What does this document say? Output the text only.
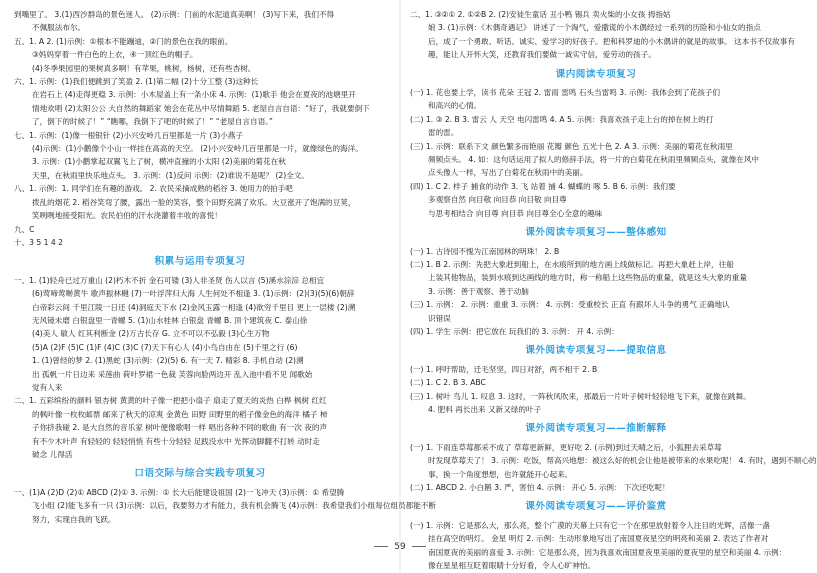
到嘴里了。 3.(1)西沙群岛的景色迷人。 (2)示例：门前的水泥道真美啊！ (3)写下来，我们不得
不佩服法布尔。
五、1. A 2. (1)示例：①根本不能蹦迪，②门的景色在我的眼前。
③妈妈穿着一件白色的上衣，④一顶红色的帽子。
(4)冬季果园里的果树真多啊！有苹果，桃树，杨树，还有些杏树。
六、1. 示例：(1)我们便跳到了笑盈 2. (1)第二幅 (2)十分工整 (3)这种长
在岩石上 (4)走得更稳 3. 示例：小木屋盖上有一条小床 4. 示例：(1)歌手 他会在夏夜的池塘里开
情地欢唱 (2)太阳公公 大自然的舞蹈家 她会在花丛中尽情舞蹈 5. 老屋自言自语：“好了，我就要倒下
了，倒下的时候了！” “瞧哪，我倒下了吧的时候了！” “老屋自言自语。”
七、1. 示例：(1)像一根银针 (2)小兴安岭几百里都是一片 (3)小燕子
(4)示例：(1)小鹳像个小山一样挂在高高的天空。 (2)小兴安岭几百里都是一片，就像绿色的海洋。
3. 示例：(1)小鹳掌起双翼飞上了树，横冲直撞的小太阳 (2)美丽的菊花在秋
天里，在秋雨里快乐地点头。 3. 示例：(1)反问 示例：(2)谁说不是呢？ (2)全文。
八、1. 示例：1. 同学们在有趣的游戏。 2. 农民采摘成熟的稻谷 3. 她用力的拍手吧
拨乱的烟花 2. 稻谷笑弯了腰，露出一脸的笑容，整个田野充满了欢乐。大豆涨开了饱满的豆荚，
笑咧咧地接受阳光。农民伯伯的汗水浇灌着丰收的喜悦！
九、C
十、3 5 1 4 2
积累与运用专项复习
一、1. (1)轻舟已过万重山 (2)朽木不折 金石可镂 (3)人非圣贤 伤人以言 (5)溪水淙淙 总相宜
(6)莺啼莺啭黄牛 歌声振林樾 (7)一叶浮萍归大海 人生何处不相逢 3. (1)示例：(2)(3)(5)(6)朝辞
白帝彩云间 千里江陵一日还 (4)洞庭天下水 (2)金风玉露一相逢 (4)欲穷千里目 更上一层楼 (2)溯
无风镜未磨 白银盘里一青螺 5. (1)山水桂林 白银盘 青螺 B. 顶个建筑夜 C. 泰山徐
(4)美人 敏人 红其利断金 (2)万古长存 G. 立不可以不弘毅 (3)心生万物
(5)A (2)F (5)C (1)F (4)C (3)C (7)天下有心人 (4)小鸟自由在 (5)千里之行 (6)
1. (1)曾经的梦 2. (1)黑蛇 (3)示例：(2)(5) 6. 有一天 7. 精彩 8. 手机自动 (2)溯
出 孤帆一片日边来 采莲曲 荷叶罗裙一色裁 芙蓉向脸两边开 乱入池中看不见 闻歌始
觉有人来
二、1. 五彩缤纷的颜料 银杏树 黄黄的叶子像一把把小扇子 扇走了夏天的炎热 白桦 枫树 红红
的枫叶像一枚枚邮票 邮来了秋天的凉爽 金黄色 田野 田野里的稻子像金色的海洋 橘子 柿
子你挤我碰 2. 是大自然的音乐家 树叶便像歌唱一样 唱出各种不同的歌曲 有一次 夜的声
有不少木叶声 有轻轻的 轻轻悄悄 有些十分轻轻 足践没水中 光挥动脚翻不打转 动时走
破念 儿得活
口语交际与综合实践专项复习
一、(1)A (2)D (2)① ABCD (2)① 3. 示例：① 长大后能建设祖国 (2)一飞冲天 (3)示例：① 希望腾
飞小组 (2)能飞多有一只 (3)示例：以后，我要努力才有能力，我有机会腾飞 (4)示例：我希望我们小组每位组员都能不断
努力，实现自我的飞跃。
二、1. ③②① 2. ①②B 2. (2)安徒生童话 丑小鸭 锡兵 卖火柴的小女孩 拇指姑
娘 3. (1)示例：《木偶奇遇记》 讲述了一个淘气，爱撒谎的小木偶经过一系列的历险和小仙女的指点
后，成了一个勇敢、听话、诚实、爱学习的好孩子。把和科罗迪的小木偶讲的就是的故事。 这本书不仅故事有
趣，能让人开怀大笑，还教育我们要做一诚实守信，爱劳动的孩子。
课内阅读专项复习
(一) 1. 花也要上学，读书 花朵 王冠 2. 雷雨 雷鸣 石头当雷鸣 3. 示例：我体会到了花孩子们
和高兴的心情。
(二) 1. ③ 2. B 3. 雷云 人 天空 电闪雷鸣 4. A 5. 示例：我喜欢孩子走上台的掉在树上的打
雷的雷。
(三) 1. 示例：联系下文 颜色繁多而艳丽 花瓣 颜色 五光十色 2. A 3. 示例：美丽的菊花在秋雨里
频频点头。 4. 如：这句话运用了拟人的修辞手法，将一片的白菊花在秋雨里频频点头，就像在风中
点头像人一样，写出了白菊花在秋雨中的美丽。
(四) 1. C 2. 样子 捕食的动作 3. 飞 站着 捕 4. 蝴蝶的 啄 5. B 6. 示例：我们要
多观察自然 向目敬 向目恭 向目敬 向目尊
与思考相结合 向目尊 向目恭 向目尊全心全意的趣味
课外阅读专项复习——整体感知
(一) 1. 古诗园不愧为江南园林的明珠！ 2. B
(二) 1. B 2. 示例：先把大象赶到船上，在水痕所到的地方画上线做标记。再把大象赶上岸，往船
上装其他物品，装到水痕到达画线的地方时，称一称船上这些物品的重量，就是这头大象的重量
3. 示例：善于观察、善于动脑
(三) 1. 示例： 2. 示例：重重 3. 示例： 4. 示例：受重校长 正直 有跟坏人斗争的勇气 正确地认
识错误
(四) 1. 学生 示例：把它放在 玩我们的 3. 示例： 开 4. 示例：
课外阅读专项复习——提取信息
(一) 1. 呼吁帮助，迁毛坚坚，四日对舒，两不相干 2. B
(二) 1. C 2. B 3. ABC
(三) 1. 树叶 鸟儿 1. 叹息 3. 这时，一阵秋风吹来，那最后一片叶子树叶轻轻地飞下来，就像在跳舞。
4. 肥料 再长出来 又新又绿的叶子
课外阅读专项复习——推断解释
(一) 1. 下雨连草莓都采不成了 草莓更新鲜，更好吃 2. (示例)到过天晴之后，小狐狸去采草莓
时发现草莓天了！ 3. 示例：吃饭，帮高兴地想：被这么好的机会让他是被带来的水果吃呢！ 4. 有时，遇到不顺心的
事，换一个角度想想，也许就能开心起来。
(二) 1. ABCD 2. 小白鹅 3. 严，害怕 4. 示例： 开心 5. 示例： 下次还吃呢！
课外阅读专项复习——评价鉴赏
(一) 1. 示例：它是那么大，那么亮，整个广漠的天幕上只有它一个在那里放射着令人注目的光辉，活像一盏
挂在高空的明灯。 金星 明灯 2. 示例：生动形象地写出了南国夏夜星空的明亮和美丽 2. 表达了作者对
南国夏夜的美丽的喜爱 3. 示例：它是那么亮，因为我喜欢南国夏夜里美丽的夏夜里的星空和美丽 4. 示例：
像在星星相互眨着眼睛十分好看，令人心旷神怡。
59
